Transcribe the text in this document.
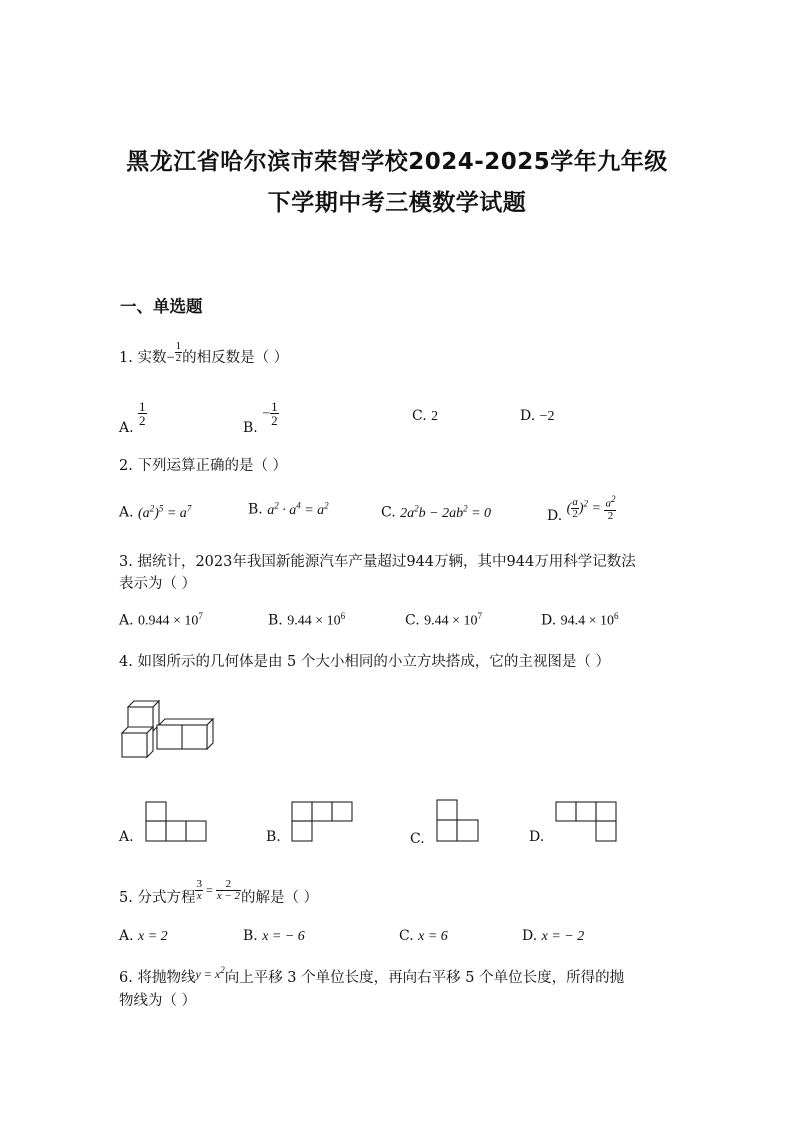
黑龙江省哈尔滨市荣智学校2024-2025学年九年级
下学期中考三模数学试题
一、单选题
1. 实数− $\frac{1}{2}$ 的相反数是（ ）
A.
$\frac{1}{2}$
B. − $\frac{1}{2}$	C. 2	D. −2
2. 下列运算正确的是（ ）
A. $(a^2)^5 = a^7$	B. $a^2 \cdot a^4 = a^2$	C. $2a^2b - 2ab^2 = 0$	D. ( $\frac{a}{2} )^2 = \frac{a^2}{2}$
3. 据统计，2023年我国新能源汽车产量超过944万辆，其中944万用科学记数法
表示为（ ）
A. $0.944 \times 10^7$	B. $9.44 \times 10^6$	C. $9.44 \times 10^7$	D. $94.4 \times 10^6$
4. 如图所示的几何体是由 5 个大小相同的小立方块搭成，它的主视图是（ ）
A.	B.	C.	D.
5. 分式方程 $\frac{3}{x} = \frac{2}{x - 2}$ 的解是（ ）
A. x = 2	B. x = − 6	C. x = 6	D. x = − 2
6. 将抛物线$^{y = x^2}$向上平移 3 个单位长度，再向右平移 5 个单位长度，所得的抛
物线为（ ）
